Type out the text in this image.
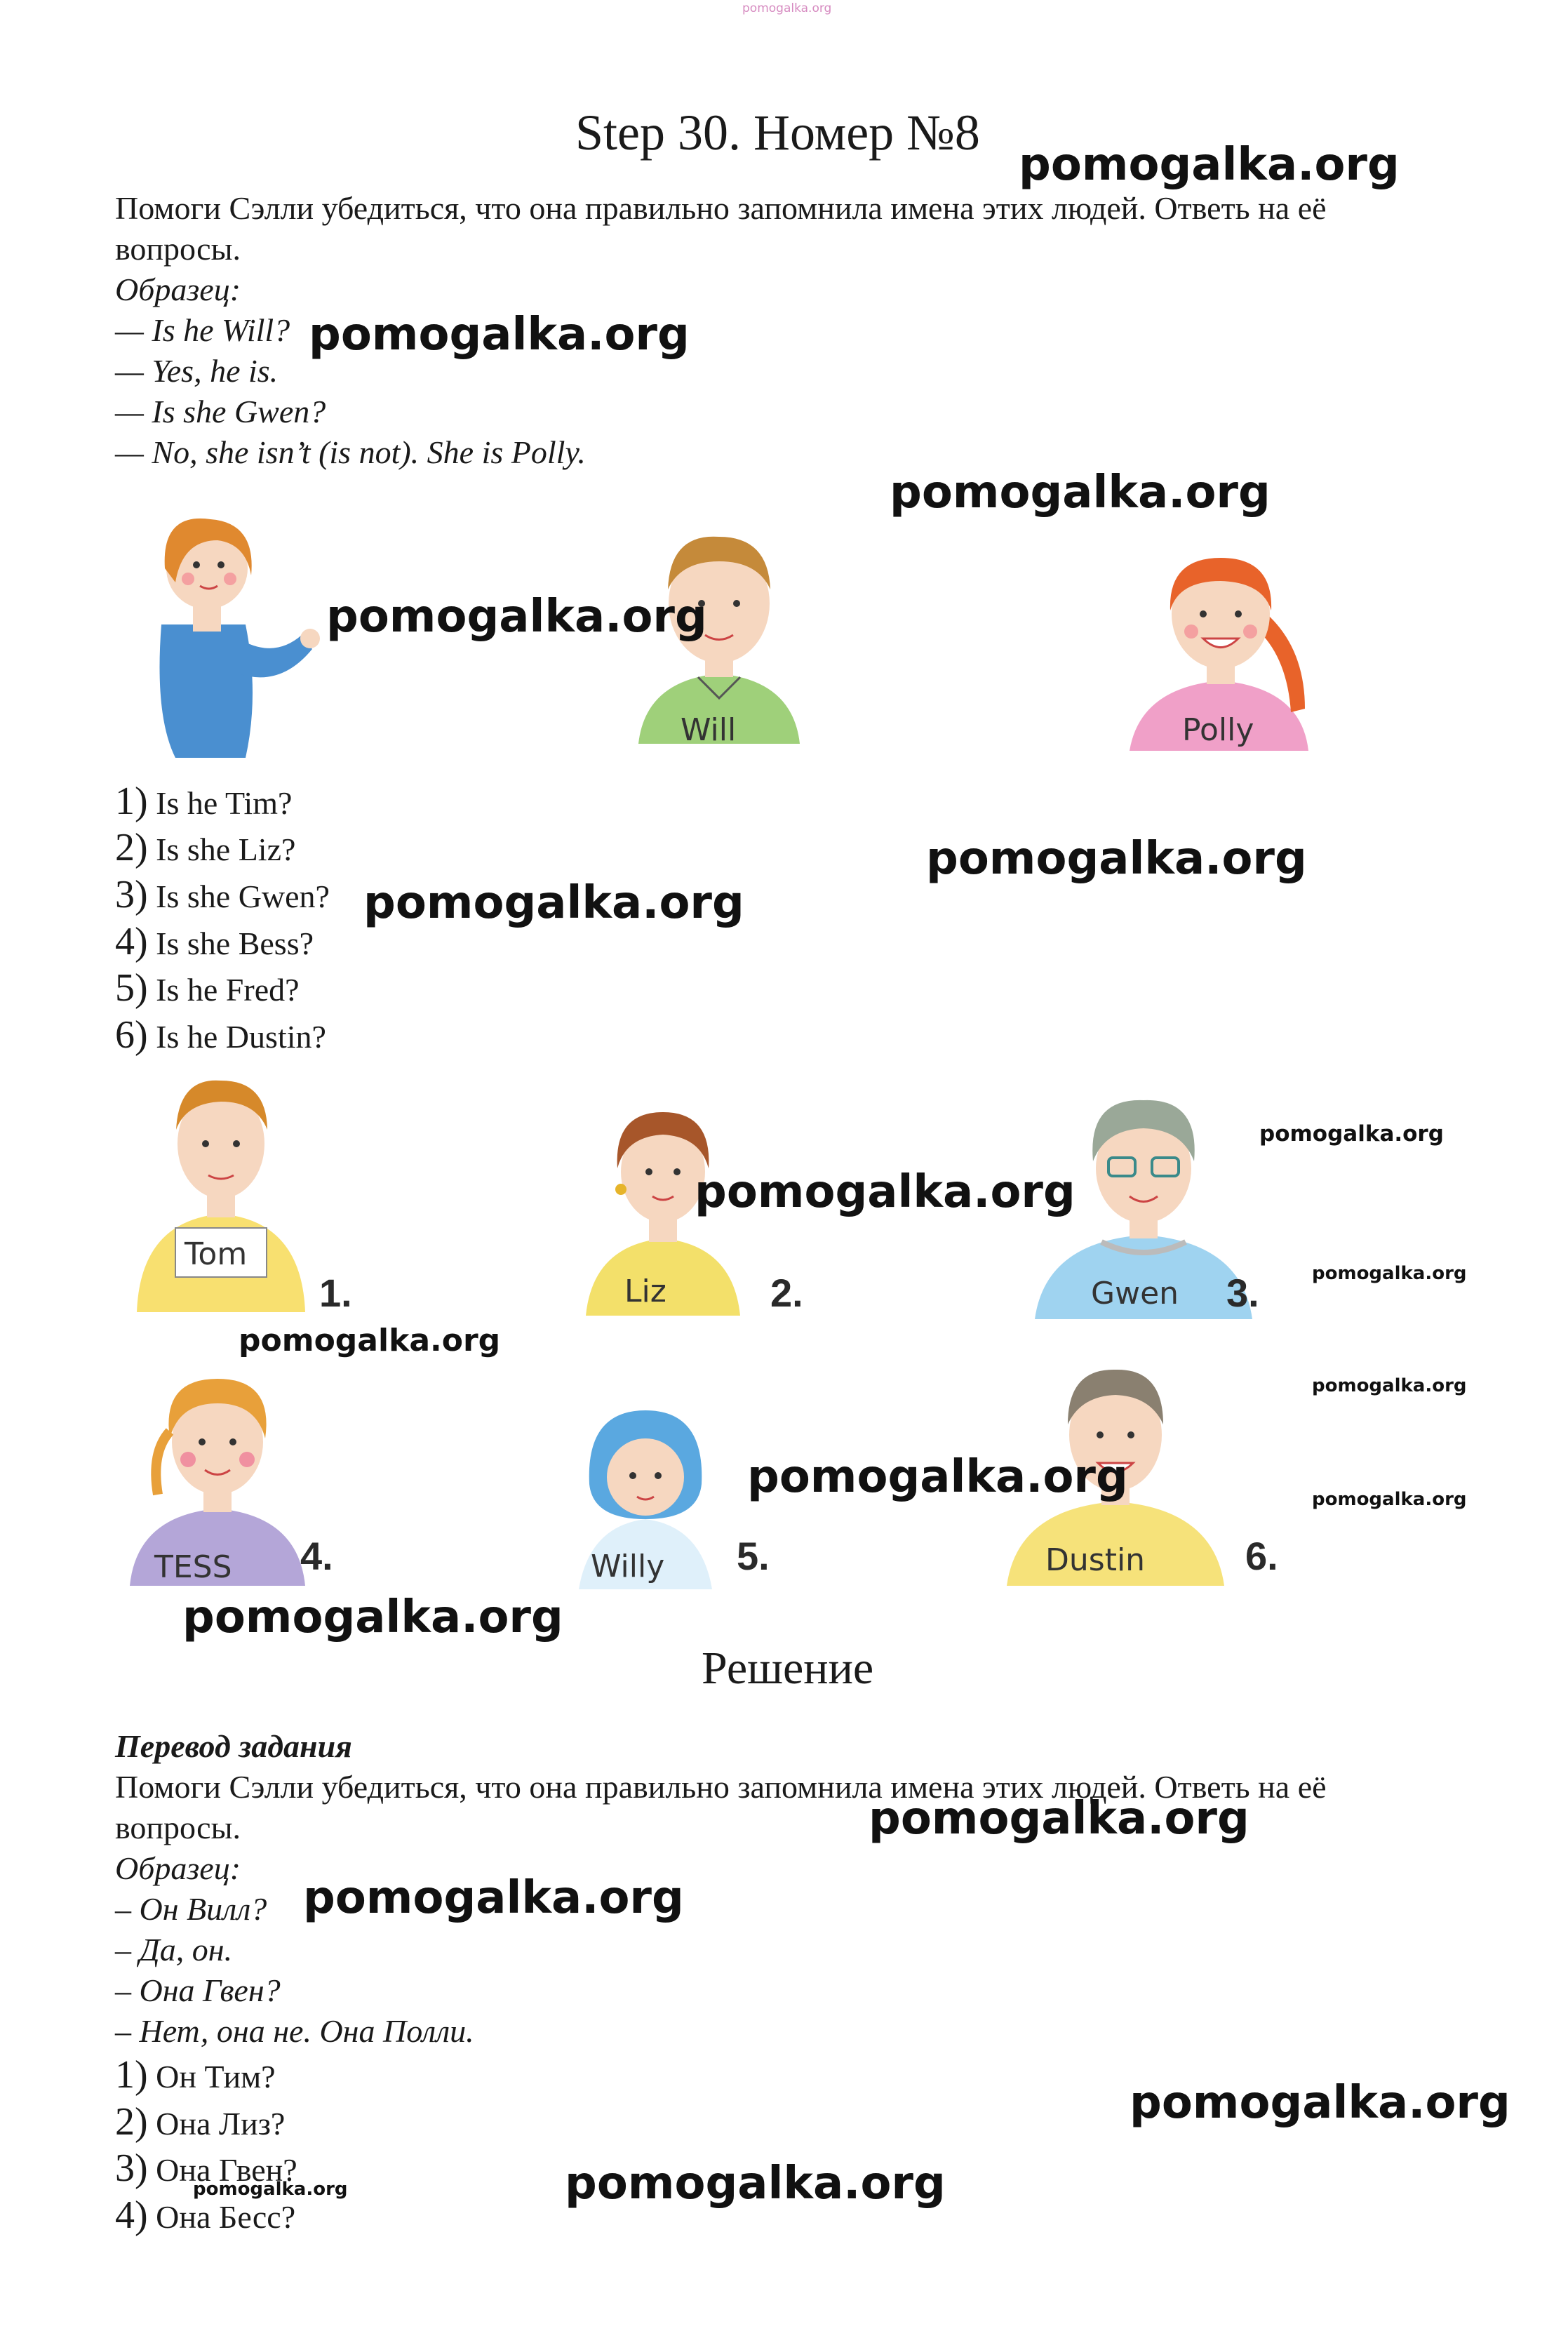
pomogalka.org
Step 30. Номер №8
Помоги Сэлли убедиться, что она правильно запомнила имена этих людей. Ответь на её
вопросы.
Образец:
— Is he Will?
— Yes, he is.
— Is she Gwen?
— No, she isn’t (is not). She is Polly.
Will	Polly
1) Is he Tim?
2) Is she Liz?
3) Is she Gwen?
4) Is she Bess?
5) Is he Fred?
6) Is he Dustin?
Tom
1.	Liz	2.	Gwen 3.
TESS 4.	Willy 5.	Dustin	6.
Решение
Перевод задания
Помоги Сэлли убедиться, что она правильно запомнила имена этих людей. Ответь на её
вопросы.
Образец:
– Он Вилл?
– Да, он.
– Она Гвен?
– Нет, она не. Она Полли.
1) Он Тим?
2) Она Лиз?
3) Она Гвен?
4) Она Бесс?
pomogalka.org
pomogalka.org
pomogalka.org
pomogalka.org
pomogalka.org
pomogalka.org
pomogalka.org
pomogalka.org
pomogalka.org
pomogalka.org
pomogalka.org
pomogalka.org	pomogalka.org
pomogalka.org
pomogalka.org
pomogalka.org
pomogalka.org
pomogalka.org	pomogalka.org
